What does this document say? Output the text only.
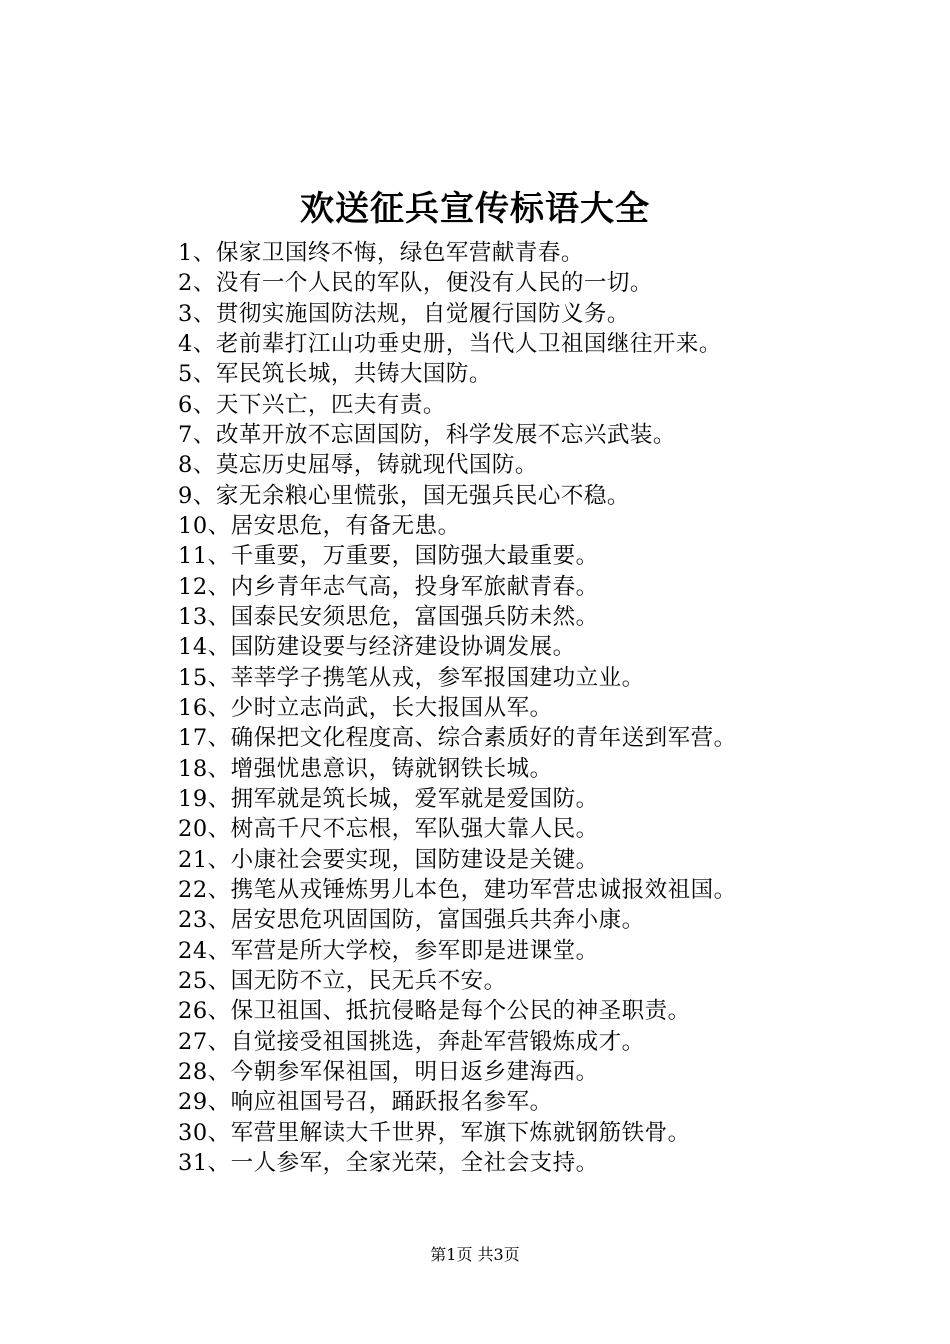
欢送征兵宣传标语大全
1、保家卫国终不悔，绿色军营献青春。
2、没有一个人民的军队，便没有人民的一切。
3、贯彻实施国防法规，自觉履行国防义务。
4、老前辈打江山功垂史册，当代人卫祖国继往开来。
5、军民筑长城，共铸大国防。
6、天下兴亡，匹夫有责。
7、改革开放不忘固国防，科学发展不忘兴武装。
8、莫忘历史屈辱，铸就现代国防。
9、家无余粮心里慌张，国无强兵民心不稳。
10、居安思危，有备无患。
11、千重要，万重要，国防强大最重要。
12、内乡青年志气高，投身军旅献青春。
13、国泰民安须思危，富国强兵防未然。
14、国防建设要与经济建设协调发展。
15、莘莘学子携笔从戎，参军报国建功立业。
16、少时立志尚武，长大报国从军。
17、确保把文化程度高、综合素质好的青年送到军营。
18、增强忧患意识，铸就钢铁长城。
19、拥军就是筑长城，爱军就是爱国防。
20、树高千尺不忘根，军队强大靠人民。
21、小康社会要实现，国防建设是关键。
22、携笔从戎锤炼男儿本色，建功军营忠诚报效祖国。
23、居安思危巩固国防，富国强兵共奔小康。
24、军营是所大学校，参军即是进课堂。
25、国无防不立，民无兵不安。
26、保卫祖国、抵抗侵略是每个公民的神圣职责。
27、自觉接受祖国挑选，奔赴军营锻炼成才。
28、今朝参军保祖国，明日返乡建海西。
29、响应祖国号召，踊跃报名参军。
30、军营里解读大千世界，军旗下炼就钢筋铁骨。
31、一人参军，全家光荣，全社会支持。
第1页 共3页
